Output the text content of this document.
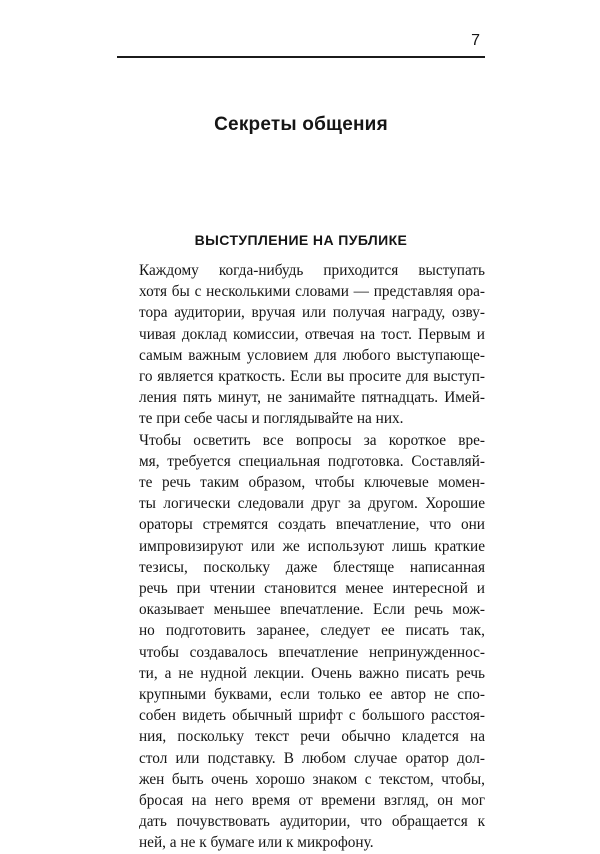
7
Секреты общения
ВЫСТУПЛЕНИЕ НА ПУБЛИКЕ

Каждому когда-нибудь приходится выступать
хотя бы с несколькими словами — представляя ора-
тора аудитории, вручая или получая награду, озву-
чивая доклад комиссии, отвечая на тост. Первым и
самым важным условием для любого выступающе-
го является краткость. Если вы просите для выступ-
ления пять минут, не занимайте пятнадцать. Имей-
те при себе часы и поглядывайте на них.

Чтобы осветить все вопросы за короткое вре-
мя, требуется специальная подготовка. Составляй-
те речь таким образом, чтобы ключевые момен-
ты логически следовали друг за другом. Хорошие
ораторы стремятся создать впечатление, что они
импровизируют или же используют лишь краткие
тезисы, поскольку даже блестяще написанная
речь при чтении становится менее интересной и
оказывает меньшее впечатление. Если речь мож-
но подготовить заранее, следует ее писать так,
чтобы создавалось впечатление непринужденнос-
ти, а не нудной лекции. Очень важно писать речь
крупными буквами, если только ее автор не спо-
собен видеть обычный шрифт с большого расстоя-
ния, поскольку текст речи обычно кладется на
стол или подставку. В любом случае оратор дол-
жен быть очень хорошо знаком с текстом, чтобы,
бросая на него время от времени взгляд, он мог
дать почувствовать аудитории, что обращается к
ней, а не к бумаге или к микрофону.
